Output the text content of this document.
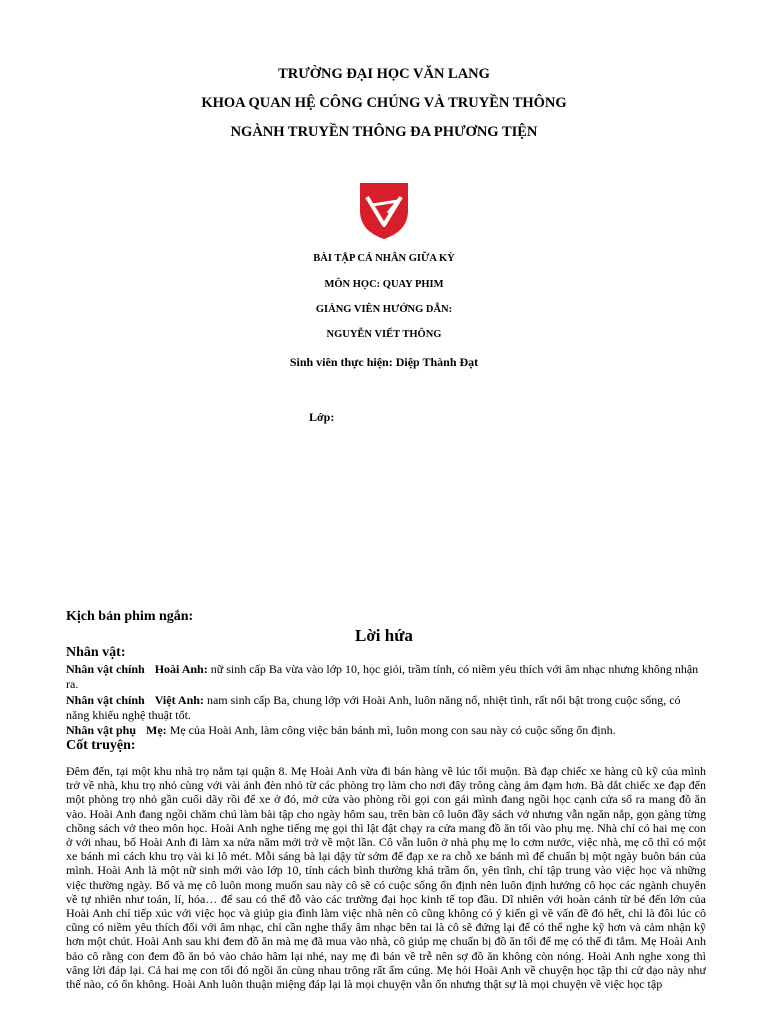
TRƯỜNG ĐẠI HỌC VĂN LANG
KHOA QUAN HỆ CÔNG CHÚNG VÀ TRUYỀN THÔNG
NGÀNH TRUYỀN THÔNG ĐA PHƯƠNG TIỆN
BÀI TẬP CÁ NHÂN GIỮA KỲ
MÔN HỌC: QUAY PHIM
GIẢNG VIÊN HƯỚNG DẪN:
NGUYỄN VIẾT THÔNG
Sinh viên thực hiện: Diệp Thành Đạt
Lớp:
Kịch bản phim ngắn:
Lời hứa
Nhân vật:
Nhân vật chính Hoài Anh: nữ sinh cấp Ba vừa vào lớp 10, học giỏi, trầm tính, có niềm yêu thích với âm nhạc nhưng không nhận ra.
Nhân vật chính Việt Anh: nam sinh cấp Ba, chung lớp với Hoài Anh, luôn năng nổ, nhiệt tình, rất nổi bật trong cuộc sống, có năng khiếu nghệ thuật tốt.
Nhân vật phụ Mẹ: Mẹ của Hoài Anh, làm công việc bán bánh mì, luôn mong con sau này có cuộc sống ổn định.
Cốt truyện:
Đêm đến, tại một khu nhà trọ nằm tại quận 8. Mẹ Hoài Anh vừa đi bán hàng về lúc tối muộn. Bà đạp chiếc xe hàng cũ kỹ của mình trở về nhà, khu trọ nhỏ cùng với vài ánh đèn nhỏ từ các phòng trọ làm cho nơi đây trông càng ảm đạm hơn. Bà dắt chiếc xe đạp đến một phòng trọ nhỏ gần cuối dãy rồi để xe ở đó, mở cửa vào phòng rồi gọi con gái mình đang ngồi học cạnh cửa sổ ra mang đồ ăn vào. Hoài Anh đang ngồi chăm chú làm bài tập cho ngày hôm sau, trên bàn cô luôn đầy sách vở nhưng vẫn ngăn nắp, gọn gàng từng chồng sách vở theo môn học. Hoài Anh nghe tiếng mẹ gọi thì lật đật chạy ra cửa mang đồ ăn tối vào phụ mẹ. Nhà chỉ có hai mẹ con ở với nhau, bố Hoài Anh đi làm xa nửa năm mới trở về một lần. Cô vẫn luôn ở nhà phụ mẹ lo cơm nước, việc nhà, mẹ cô thì có một xe bánh mì cách khu trọ vài ki lô mét. Mỗi sáng bà lại dậy từ sớm để đạp xe ra chỗ xe bánh mì để chuẩn bị một ngày buôn bán của mình. Hoài Anh là một nữ sinh mới vào lớp 10, tính cách bình thường khá trầm ổn, yên tĩnh, chỉ tập trung vào việc học và những việc thường ngày. Bố và mẹ cô luôn mong muốn sau này cô sẽ có cuộc sống ổn định nên luôn định hướng cô học các ngành chuyên về tự nhiên như toán, lí, hóa… để sau có thể đỗ vào các trường đại học kinh tế top đầu. Dĩ nhiên với hoàn cảnh từ bé đến lớn của Hoài Anh chỉ tiếp xúc với việc học và giúp gia đình làm việc nhà nên cô cũng không có ý kiến gì về vấn đề đó hết, chỉ là đôi lúc cô cũng có niềm yêu thích đối với âm nhạc, chỉ cần nghe thấy âm nhạc bên tai là cô sẽ đứng lại để có thể nghe kỹ hơn và cảm nhận kỹ hơn một chút. Hoài Anh sau khi đem đồ ăn mà mẹ đã mua vào nhà, cô giúp mẹ chuẩn bị đồ ăn tối để mẹ có thể đi tắm. Mẹ Hoài Anh bảo cô rằng con đem đồ ăn bỏ vào chảo hâm lại nhé, nay mẹ đi bán về trễ nên sợ đồ ăn không còn nóng. Hoài Anh nghe xong thì vâng lời đáp lại. Cả hai mẹ con tối đó ngồi ăn cùng nhau trông rất ấm cúng. Mẹ hỏi Hoài Anh về chuyện học tập thi cử dạo này như thế nào, có ổn không. Hoài Anh luôn thuận miệng đáp lại là mọi chuyện vẫn ổn nhưng thật sự là mọi chuyện về việc học tập
